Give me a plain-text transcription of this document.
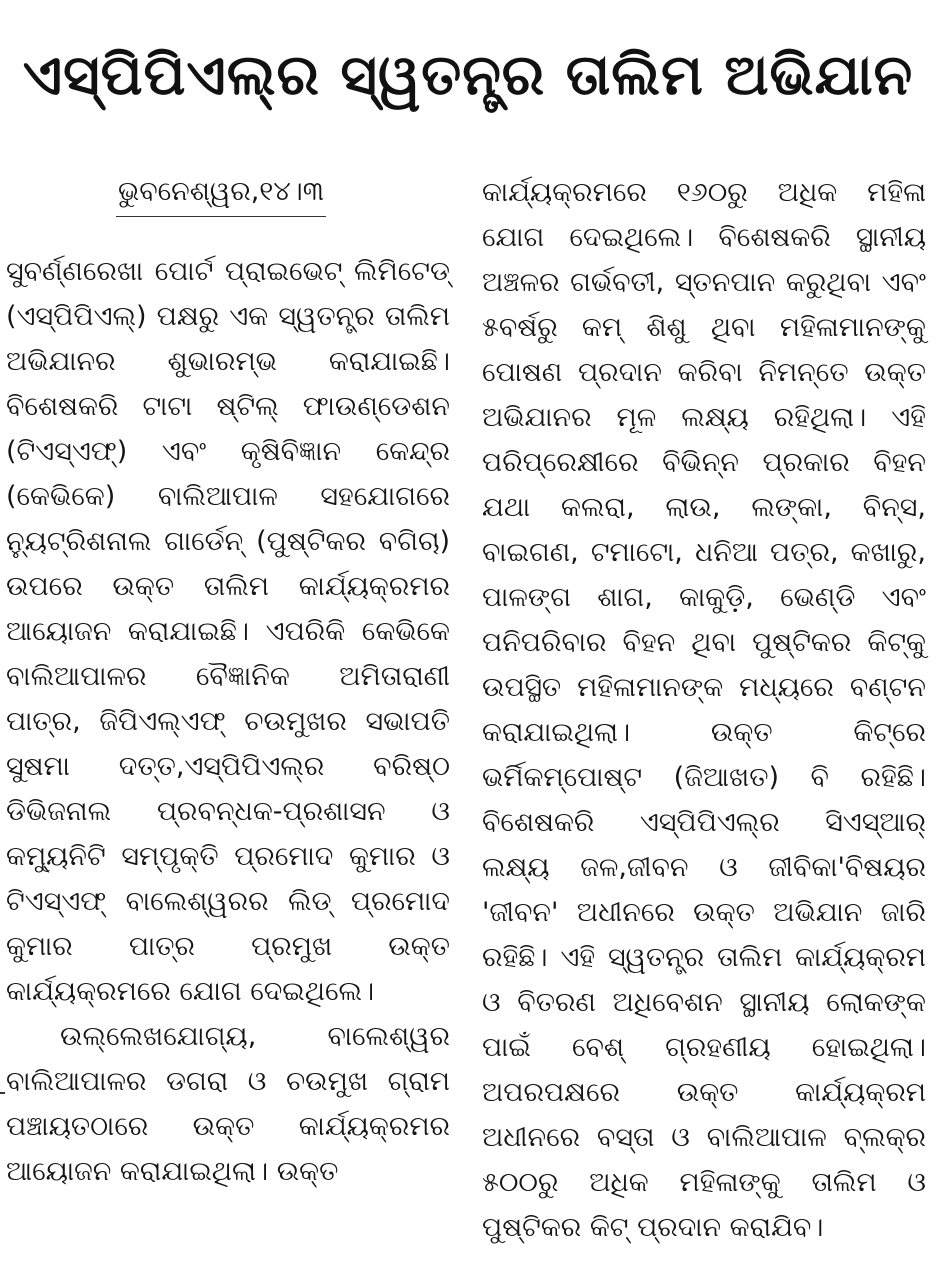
ଏସ୍‌ପିପିଏଲ୍‌ର ସ୍ୱତନ୍ତ୍ର ତାଲିମ ଅଭିଯାନ
ଭୁବନେଶ୍ୱର,୧୪।୩

ସୁବର୍ଣ୍ଣରେଖା ପୋର୍ଟ ପ୍ରାଇଭେଟ୍ ଲିମିଟେଡ୍ (ଏସ୍‌ପିପିଏଲ୍) ପକ୍ଷରୁ ଏକ ସ୍ୱତନ୍ତ୍ର ତାଲିମ ଅଭିଯାନର ଶୁଭାରମ୍ଭ କରାଯାଇଛି। ବିଶେଷକରି ଟାଟା ଷ୍ଟିଲ୍ ଫାଉଣ୍ଡେଶନ (ଟିଏସ୍‌ଏଫ୍) ଏବଂ କୃଷିବିଜ୍ଞାନ କେନ୍ଦ୍ର (କେଭିକେ) ବାଲିଆପାଳ ସହଯୋଗରେ ନ୍ୟୁଟ୍ରିଶନାଲ ଗାର୍ଡେନ୍ (ପୁଷ୍ଟିକର ବଗିଚା) ଉପରେ ଉକ୍ତ ତାଲିମ କାର୍ଯ୍ୟକ୍ରମର ଆୟୋଜନ କରାଯାଇଛି। ଏପରିକି କେଭିକେ ବାଲିଆପାଳର ବୈଜ୍ଞାନିକ ଅମିତାରାଣୀ ପାତ୍ର, ଜିପିଏଲ୍‌ଏଫ୍ ଚଉମୁଖର ସଭାପତି ସୁଷମା ଦତ୍ତ,ଏସ୍‌ପିପିଏଲ୍‌ର ବରିଷ୍ଠ ଡିଭିଜନାଲ ପ୍ରବନ୍ଧକ-ପ୍ରଶାସନ ଓ କମ୍ୟୁନିଟି ସମ୍ପୃକ୍ତି ପ୍ରମୋଦ କୁମାର ଓ ଟିଏସ୍‌ଏଫ୍ ବାଲେଶ୍ୱରର ଲିଡ୍ ପ୍ରମୋଦ କୁମାର ପାତ୍ର ପ୍ରମୁଖ ଉକ୍ତ କାର୍ଯ୍ୟକ୍ରମରେ ଯୋଗ ଦେଇଥିଲେ।

ଉଲ୍ଲେଖଯୋଗ୍ୟ, ବାଲେଶ୍ୱର ବାଲିଆପାଳର ଡଗରା ଓ ଚଉମୁଖ ଗ୍ରାମ ପଞ୍ଚାୟତଠାରେ ଉକ୍ତ କାର୍ଯ୍ୟକ୍ରମର ଆୟୋଜନ କରାଯାଇଥିଲା। ଉକ୍ତ

କାର୍ଯ୍ୟକ୍ରମରେ ୧୬୦ରୁ ଅଧିକ ମହିଳା ଯୋଗ ଦେଇଥିଲେ। ବିଶେଷକରି ସ୍ଥାନୀୟ ଅଞ୍ଚଳର ଗର୍ଭବତୀ, ସ୍ତନପାନ କରୁଥିବା ଏବଂ ୫ବର୍ଷରୁ କମ୍ ଶିଶୁ ଥିବା ମହିଳାମାନଙ୍କୁ ପୋଷଣ ପ୍ରଦାନ କରିବା ନିମନ୍ତେ ଉକ୍ତ ଅଭିଯାନର ମୂଳ ଲକ୍ଷ୍ୟ ରହିଥିଲା। ଏହି ପରିପ୍ରେକ୍ଷୀରେ ବିଭିନ୍ନ ପ୍ରକାର ବିହନ ଯଥା କଲରା, ଲାଉ, ଲଙ୍କା, ବିନ୍‌ସ, ବାଇଗଣ, ଟମାଟୋ, ଧନିଆ ପତ୍ର, କଖାରୁ, ପାଳଙ୍ଗ ଶାଗ, କାକୁଡ଼ି, ଭେଣ୍ଡି ଏବଂ ପନିପରିବାର ବିହନ ଥିବା ପୁଷ୍ଟିକର କିଟ୍‌କୁ ଉପସ୍ଥିତ ମହିଳାମାନଙ୍କ ମଧ୍ୟରେ ବଣ୍ଟନ କରାଯାଇଥିଲା। ଉକ୍ତ କିଟ୍‌ରେ ଭର୍ମିକମ୍ପୋଷ୍ଟ (ଜିଆଖତ) ବି ରହିଛି। ବିଶେଷକରି ଏସ୍‌ପିପିଏଲ୍‌ର ସିଏସ୍‌ଆର୍ ଲକ୍ଷ୍ୟ ଜଳ,ଜୀବନ ଓ ଜୀବିକା'ବିଷୟର 'ଜୀବନ' ଅଧୀନରେ ଉକ୍ତ ଅଭିଯାନ ଜାରି ରହିଛି। ଏହି ସ୍ୱତନ୍ତ୍ର ତାଲିମ କାର୍ଯ୍ୟକ୍ରମ ଓ ବିତରଣ ଅଧିବେଶନ ସ୍ଥାନୀୟ ଲୋକଙ୍କ ପାଇଁ ବେଶ୍ ଗ୍ରହଣୀୟ ହୋଇଥିଲା। ଅପରପକ୍ଷରେ ଉକ୍ତ କାର୍ଯ୍ୟକ୍ରମ ଅଧୀନରେ ବସ୍ତା ଓ ବାଲିଆପାଳ ବ୍ଲକ୍‌ର ୫୦୦ରୁ ଅଧିକ ମହିଳାଙ୍କୁ ତାଲିମ ଓ ପୁଷ୍ଟିକର କିଟ୍ ପ୍ରଦାନ କରାଯିବ।
